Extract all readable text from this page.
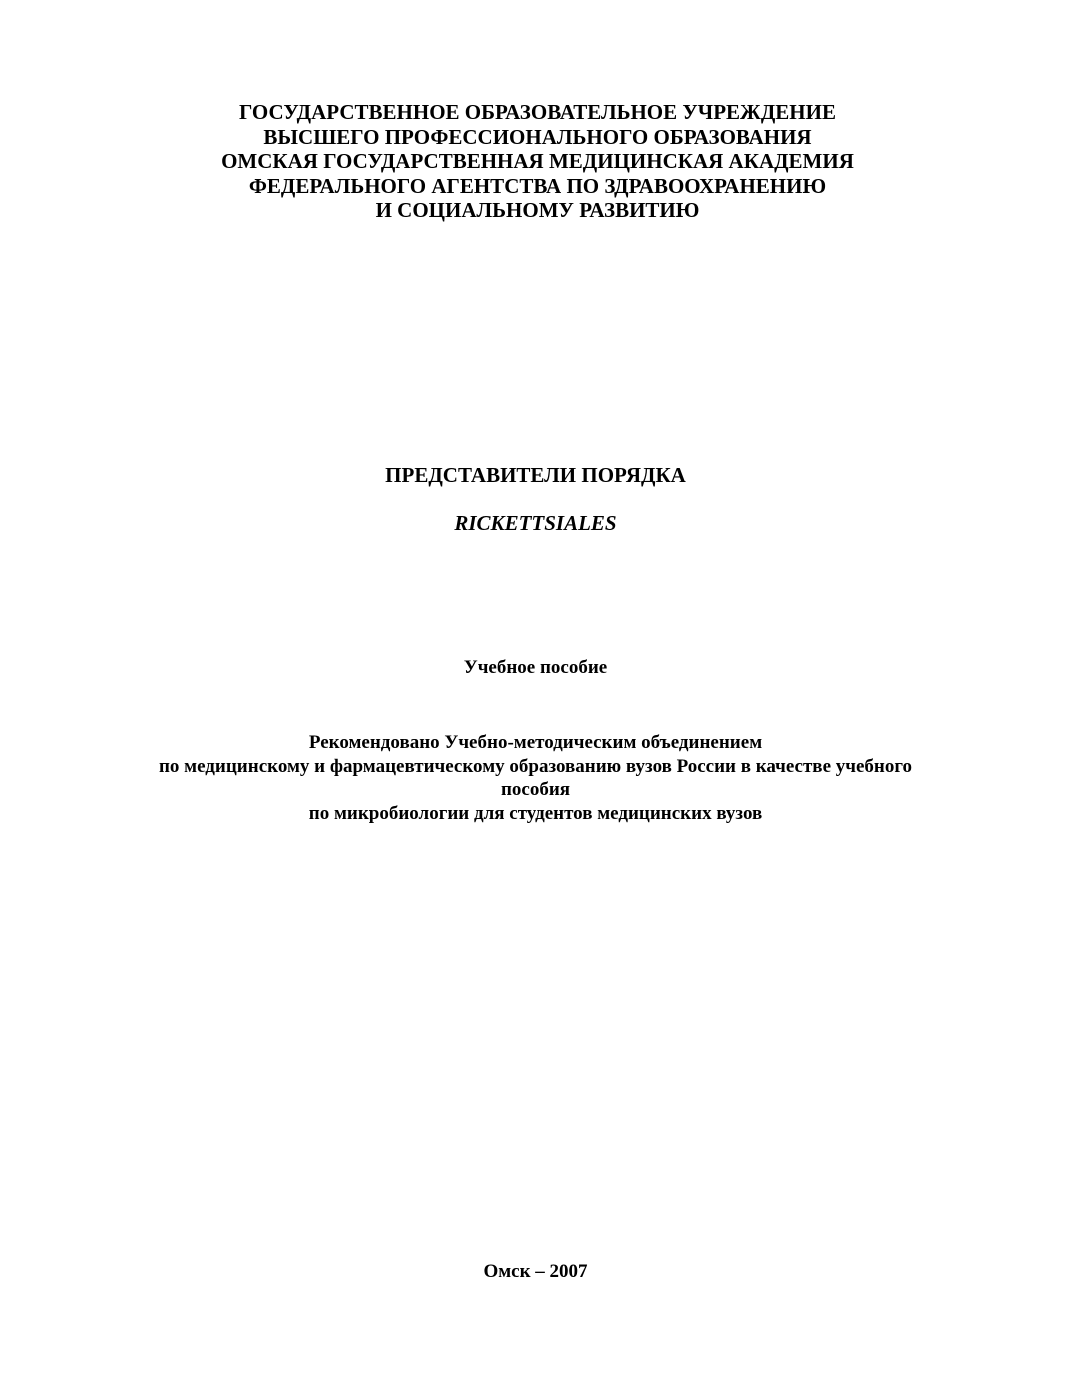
ГОСУДАРСТВЕННОЕ ОБРАЗОВАТЕЛЬНОЕ УЧРЕЖДЕНИЕ
ВЫСШЕГО ПРОФЕССИОНАЛЬНОГО ОБРАЗОВАНИЯ
ОМСКАЯ ГОСУДАРСТВЕННАЯ МЕДИЦИНСКАЯ АКАДЕМИЯ
ФЕДЕРАЛЬНОГО АГЕНТСТВА ПО ЗДРАВООХРАНЕНИЮ
И СОЦИАЛЬНОМУ РАЗВИТИЮ
ПРЕДСТАВИТЕЛИ ПОРЯДКА
RICKETTSIALES
Учебное пособие
Рекомендовано Учебно-методическим объединением
по медицинскому и фармацевтическому образованию вузов России в качестве учебного
пособия
по микробиологии для студентов медицинских вузов
Омск – 2007
